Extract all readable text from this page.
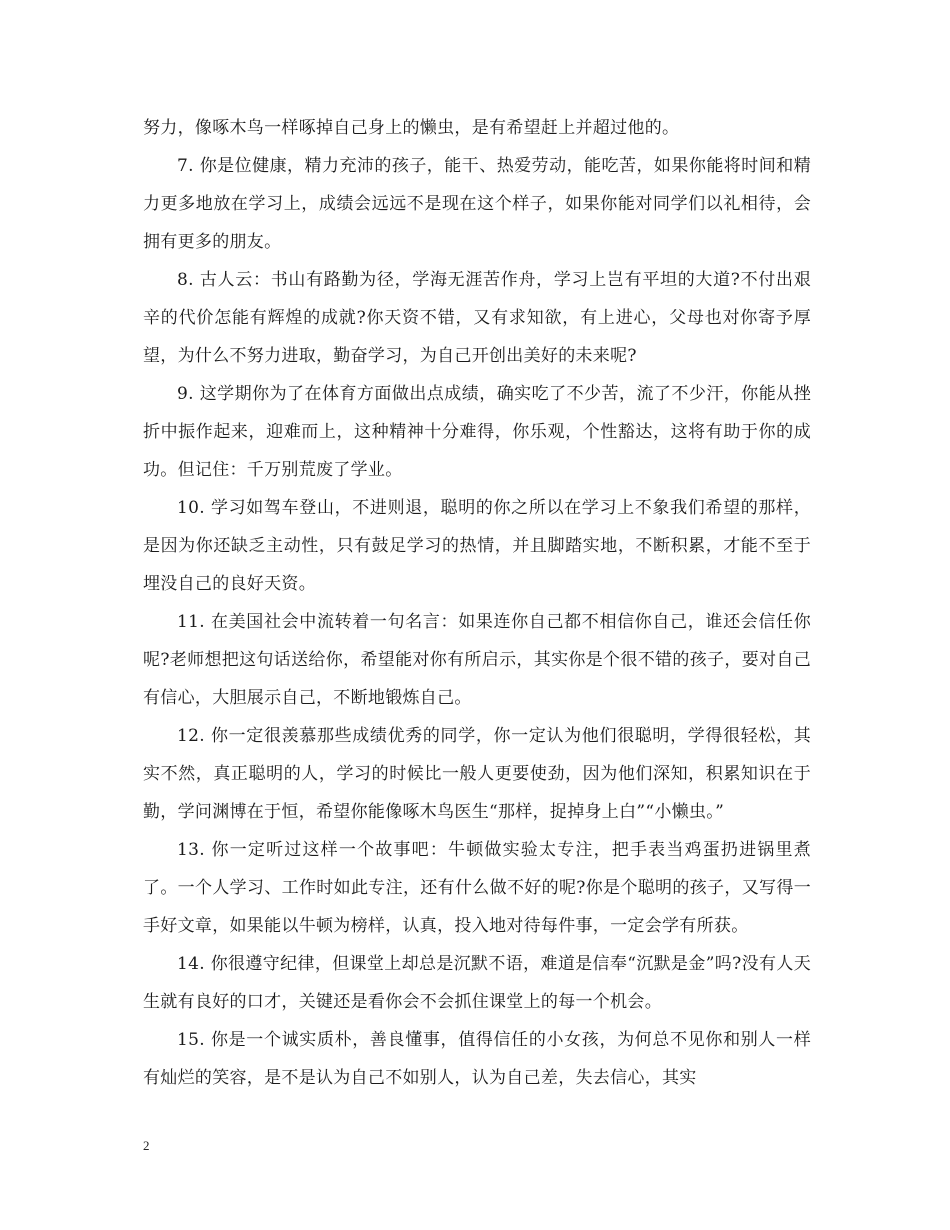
努力，像啄木鸟一样啄掉自己身上的懒虫，是有希望赶上并超过他的。

7. 你是位健康，精力充沛的孩子，能干、热爱劳动，能吃苦，如果你能将时间和精力更多地放在学习上，成绩会远远不是现在这个样子，如果你能对同学们以礼相待，会拥有更多的朋友。

8. 古人云：书山有路勤为径，学海无涯苦作舟，学习上岂有平坦的大道?不付出艰辛的代价怎能有辉煌的成就?你天资不错，又有求知欲，有上进心，父母也对你寄予厚望，为什么不努力进取，勤奋学习，为自己开创出美好的未来呢?

9. 这学期你为了在体育方面做出点成绩，确实吃了不少苦，流了不少汗，你能从挫折中振作起来，迎难而上，这种精神十分难得，你乐观，个性豁达，这将有助于你的成功。但记住：千万别荒废了学业。

10. 学习如驾车登山，不进则退，聪明的你之所以在学习上不象我们希望的那样，是因为你还缺乏主动性，只有鼓足学习的热情，并且脚踏实地，不断积累，才能不至于埋没自己的良好天资。

11. 在美国社会中流转着一句名言：如果连你自己都不相信你自己，谁还会信任你呢?老师想把这句话送给你，希望能对你有所启示，其实你是个很不错的孩子，要对自己有信心，大胆展示自己，不断地锻炼自己。

12. 你一定很羡慕那些成绩优秀的同学，你一定认为他们很聪明，学得很轻松，其实不然，真正聪明的人，学习的时候比一般人更要使劲，因为他们深知，积累知识在于勤，学问渊博在于恒，希望你能像啄木鸟医生“那样，捉掉身上白”“小懒虫。”

13. 你一定听过这样一个故事吧：牛顿做实验太专注，把手表当鸡蛋扔进锅里煮了。一个人学习、工作时如此专注，还有什么做不好的呢?你是个聪明的孩子，又写得一手好文章，如果能以牛顿为榜样，认真，投入地对待每件事，一定会学有所获。

14. 你很遵守纪律，但课堂上却总是沉默不语，难道是信奉“沉默是金”吗?没有人天生就有良好的口才，关键还是看你会不会抓住课堂上的每一个机会。

15. 你是一个诚实质朴，善良懂事，值得信任的小女孩，为何总不见你和别人一样有灿烂的笑容，是不是认为自己不如别人，认为自己差，失去信心，其实

2
